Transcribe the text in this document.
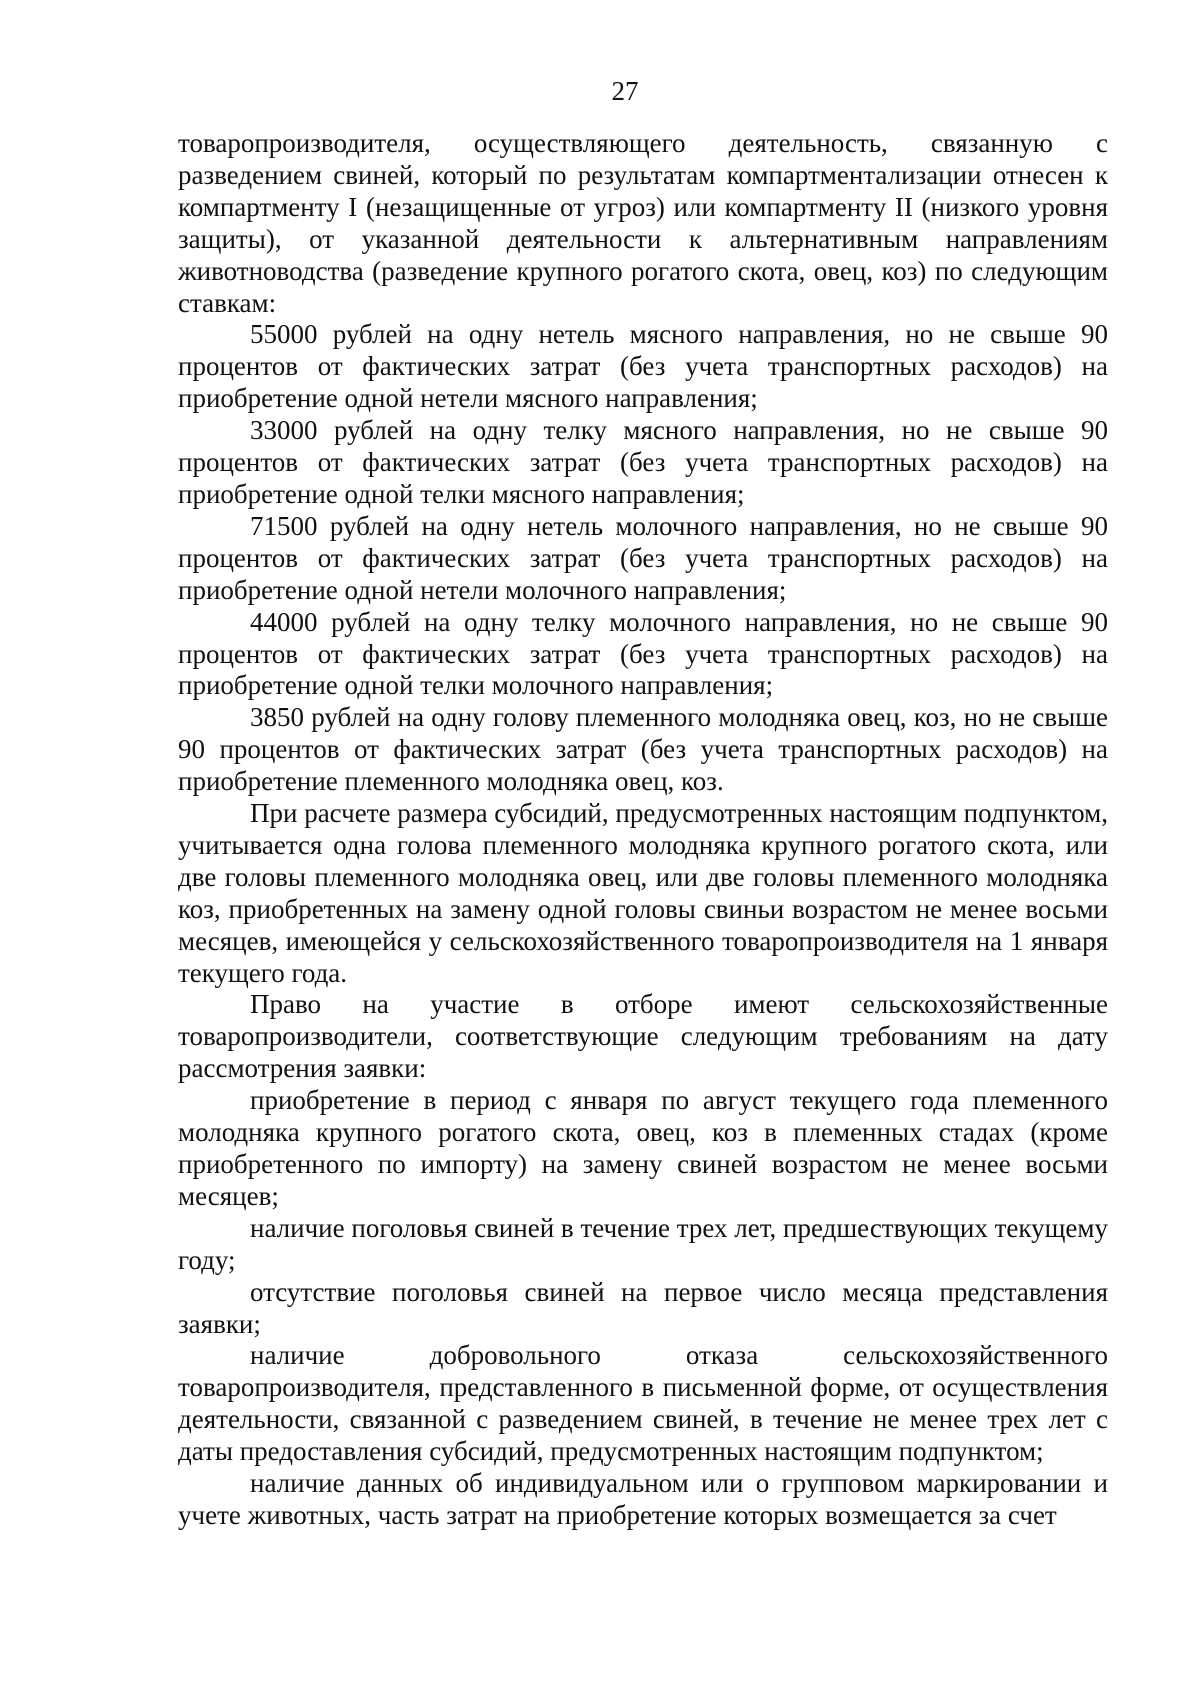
27

товаропроизводителя, осуществляющего деятельность, связанную с разведением свиней, который по результатам компартментализации отнесен к компартменту I (незащищенные от угроз) или компартменту II (низкого уровня защиты), от указанной деятельности к альтернативным направлениям животноводства (разведение крупного рогатого скота, овец, коз) по следующим ставкам:

55000 рублей на одну нетель мясного направления, но не свыше 90 процентов от фактических затрат (без учета транспортных расходов) на приобретение одной нетели мясного направления;

33000 рублей на одну телку мясного направления, но не свыше 90 процентов от фактических затрат (без учета транспортных расходов) на приобретение одной телки мясного направления;

71500 рублей на одну нетель молочного направления, но не свыше 90 процентов от фактических затрат (без учета транспортных расходов) на приобретение одной нетели молочного направления;

44000 рублей на одну телку молочного направления, но не свыше 90 процентов от фактических затрат (без учета транспортных расходов) на приобретение одной телки молочного направления;

3850 рублей на одну голову племенного молодняка овец, коз, но не свыше 90 процентов от фактических затрат (без учета транспортных расходов) на приобретение племенного молодняка овец, коз.

При расчете размера субсидий, предусмотренных настоящим подпунктом, учитывается одна голова племенного молодняка крупного рогатого скота, или две головы племенного молодняка овец, или две головы племенного молодняка коз, приобретенных на замену одной головы свиньи возрастом не менее восьми месяцев, имеющейся у сельскохозяйственного товаропроизводителя на 1 января текущего года.

Право на участие в отборе имеют сельскохозяйственные товаропроизводители, соответствующие следующим требованиям на дату рассмотрения заявки:

приобретение в период с января по август текущего года племенного молодняка крупного рогатого скота, овец, коз в племенных стадах (кроме приобретенного по импорту) на замену свиней возрастом не менее восьми месяцев;

наличие поголовья свиней в течение трех лет, предшествующих текущему году;

отсутствие поголовья свиней на первое число месяца представления заявки;

наличие добровольного отказа сельскохозяйственного товаропроизводителя, представленного в письменной форме, от осуществления деятельности, связанной с разведением свиней, в течение не менее трех лет с даты предоставления субсидий, предусмотренных настоящим подпунктом;

наличие данных об индивидуальном или о групповом маркировании и учете животных, часть затрат на приобретение которых возмещается за счет
